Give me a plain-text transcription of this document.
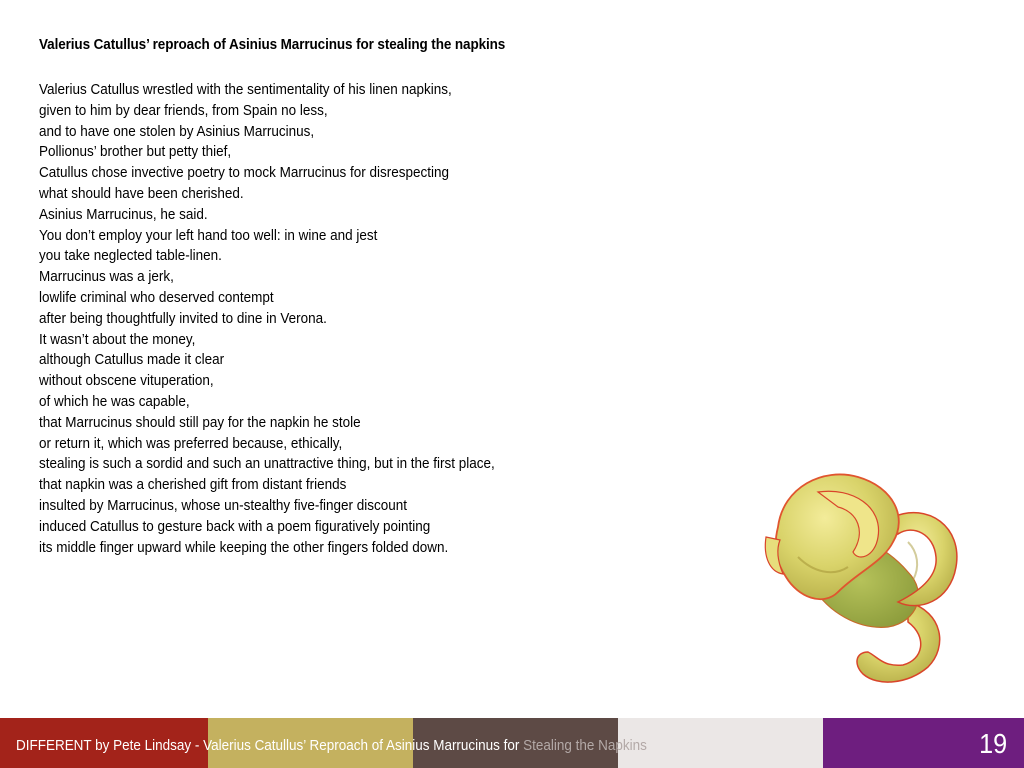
Valerius Catullus’ reproach of Asinius Marrucinus for stealing the napkins
Valerius Catullus wrestled with the sentimentality of his linen napkins,
given to him by dear friends, from Spain no less,
and to have one stolen by Asinius Marrucinus,
Pollionus’ brother but petty thief,
Catullus chose invective poetry to mock Marrucinus for disrespecting
what should have been cherished.
Asinius Marrucinus, he said.
You don’t employ your left hand too well: in wine and jest
you take neglected table-linen.
Marrucinus was a jerk,
lowlife criminal who deserved contempt
after being thoughtfully invited to dine in Verona.
It wasn’t about the money,
although Catullus made it clear
without obscene vituperation,
of which he was capable,
that Marrucinus should still pay for the napkin he stole
or return it, which was preferred because, ethically,
stealing is such a sordid and such an unattractive thing, but in the first place,
that napkin was a cherished gift from distant friends
insulted by Marrucinus, whose un-stealthy five-finger discount
induced Catullus to gesture back with a poem figuratively pointing
its middle finger upward while keeping the other fingers folded down.
DIFFERENT by Pete Lindsay - Valerius Catullus’ Reproach of Asinius Marrucinus for Stealing the Napkins	19
